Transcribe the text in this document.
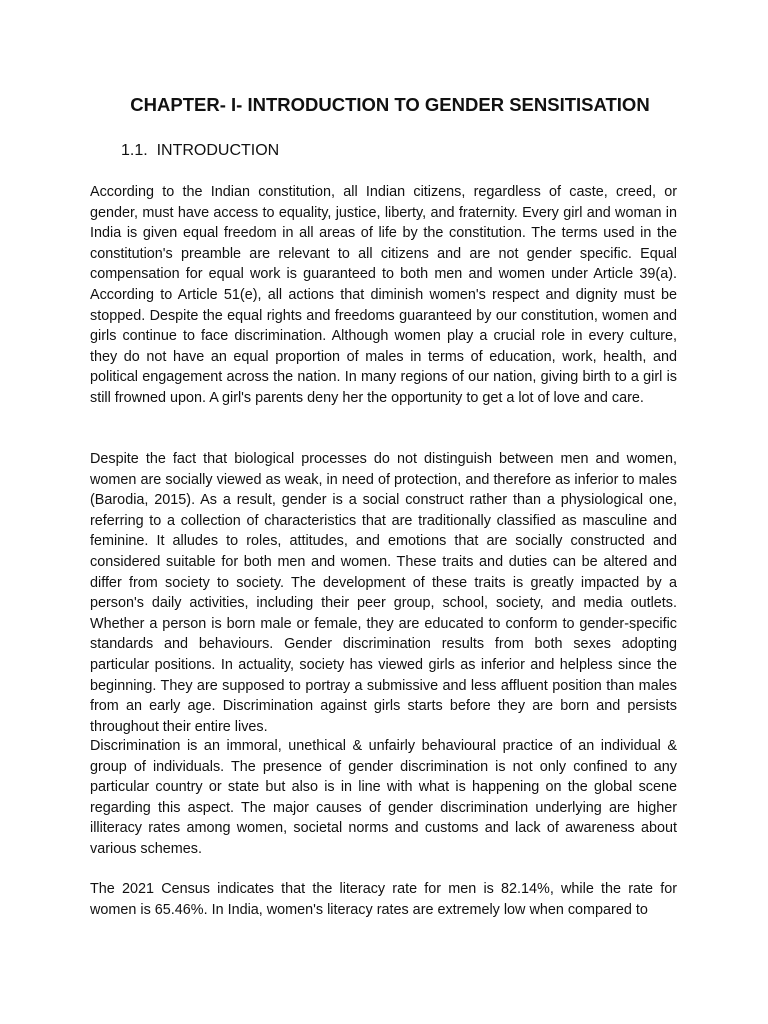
CHAPTER- I- INTRODUCTION TO GENDER SENSITISATION
1.1.  INTRODUCTION

According to the Indian constitution, all Indian citizens, regardless of caste, creed, or gender, must have access to equality, justice, liberty, and fraternity. Every girl and woman in India is given equal freedom in all areas of life by the constitution. The terms used in the constitution's preamble are relevant to all citizens and are not gender specific. Equal compensation for equal work is guaranteed to both men and women under Article 39(a). According to Article 51(e), all actions that diminish women's respect and dignity must be stopped. Despite the equal rights and freedoms guaranteed by our constitution, women and girls continue to face discrimination. Although women play a crucial role in every culture, they do not have an equal proportion of males in terms of education, work, health, and political engagement across the nation. In many regions of our nation, giving birth to a girl is still frowned upon. A girl's parents deny her the opportunity to get a lot of love and care.

Despite the fact that biological processes do not distinguish between men and women, women are socially viewed as weak, in need of protection, and therefore as inferior to males (Barodia, 2015). As a result, gender is a social construct rather than a physiological one, referring to a collection of characteristics that are traditionally classified as masculine and feminine. It alludes to roles, attitudes, and emotions that are socially constructed and considered suitable for both men and women. These traits and duties can be altered and differ from society to society. The development of these traits is greatly impacted by a person's daily activities, including their peer group, school, society, and media outlets. Whether a person is born male or female, they are educated to conform to gender-specific standards and behaviours. Gender discrimination results from both sexes adopting particular positions. In actuality, society has viewed girls as inferior and helpless since the beginning. They are supposed to portray a submissive and less affluent position than males from an early age. Discrimination against girls starts before they are born and persists throughout their entire lives.

Discrimination is an immoral, unethical & unfairly behavioural practice of an individual & group of individuals. The presence of gender discrimination is not only confined to any particular country or state but also is in line with what is happening on the global scene regarding this aspect. The major causes of gender discrimination underlying are higher illiteracy rates among women, societal norms and customs and lack of awareness about various schemes.

The 2021 Census indicates that the literacy rate for men is 82.14%, while the rate for women is 65.46%. In India, women's literacy rates are extremely low when compared to
